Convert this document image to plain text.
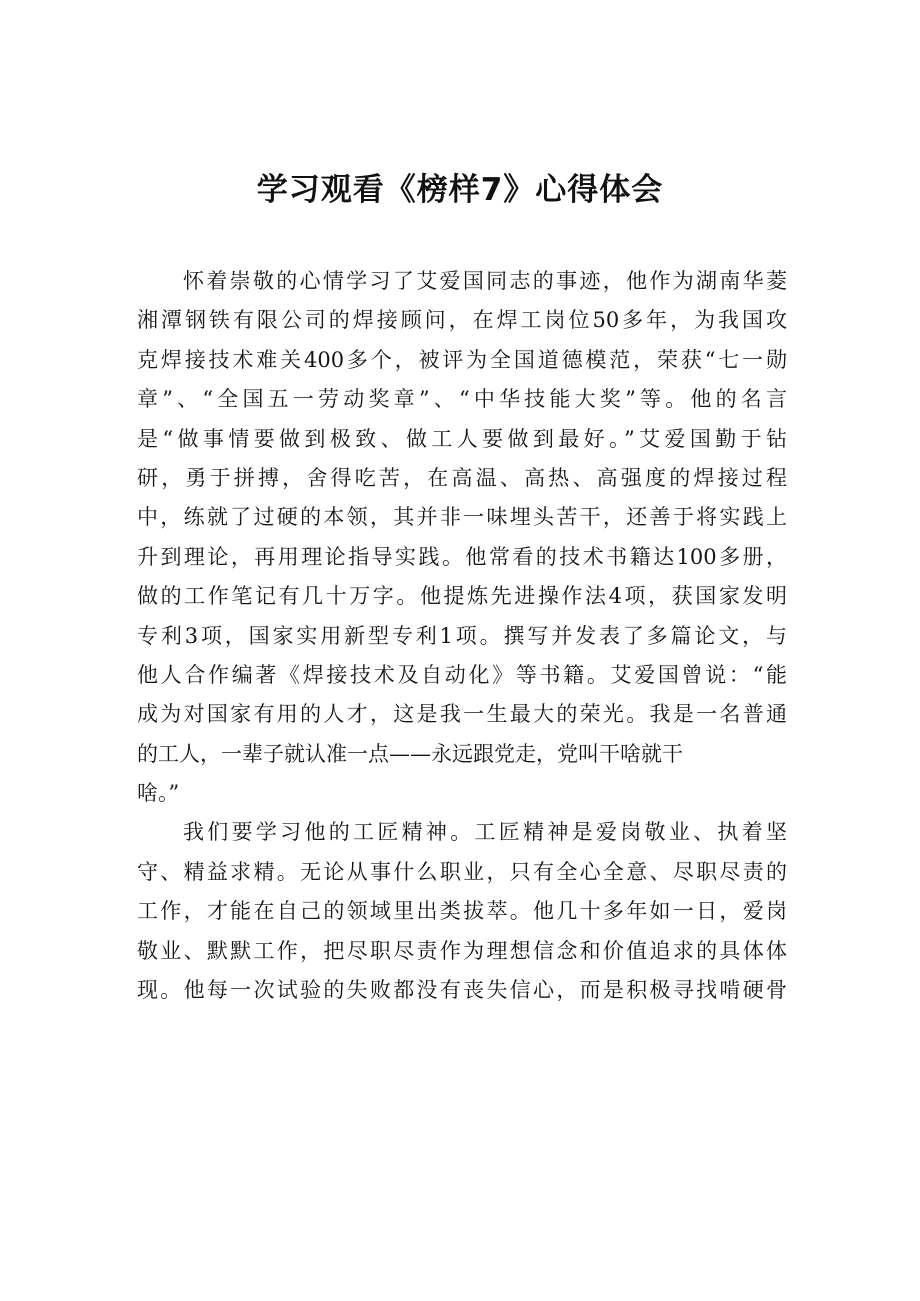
学习观看《榜样7》心得体会
怀着崇敬的心情学习了艾爱国同志的事迹，他作为湖南华菱
湘潭钢铁有限公司的焊接顾问，在焊工岗位50多年，为我国攻
克焊接技术难关400多个，被评为全国道德模范，荣获“七一勋
章”、“全国五一劳动奖章”、“中华技能大奖”等。他的名言
是“做事情要做到极致、做工人要做到最好。”艾爱国勤于钻
研，勇于拼搏，舍得吃苦，在高温、高热、高强度的焊接过程
中，练就了过硬的本领，其并非一味埋头苦干，还善于将实践上
升到理论，再用理论指导实践。他常看的技术书籍达100多册，
做的工作笔记有几十万字。他提炼先进操作法4项，获国家发明
专利3项，国家实用新型专利1项。撰写并发表了多篇论文，与
他人合作编著《焊接技术及自动化》等书籍。艾爱国曾说：“能
成为对国家有用的人才，这是我一生最大的荣光。我是一名普通
的工人，一辈子就认准一点——永远跟党走，党叫干啥就干
啥。”
我们要学习他的工匠精神。工匠精神是爱岗敬业、执着坚
守、精益求精。无论从事什么职业，只有全心全意、尽职尽责的
工作，才能在自己的领域里出类拔萃。他几十多年如一日，爱岗
敬业、默默工作，把尽职尽责作为理想信念和价值追求的具体体
现。他每一次试验的失败都没有丧失信心，而是积极寻找啃硬骨
